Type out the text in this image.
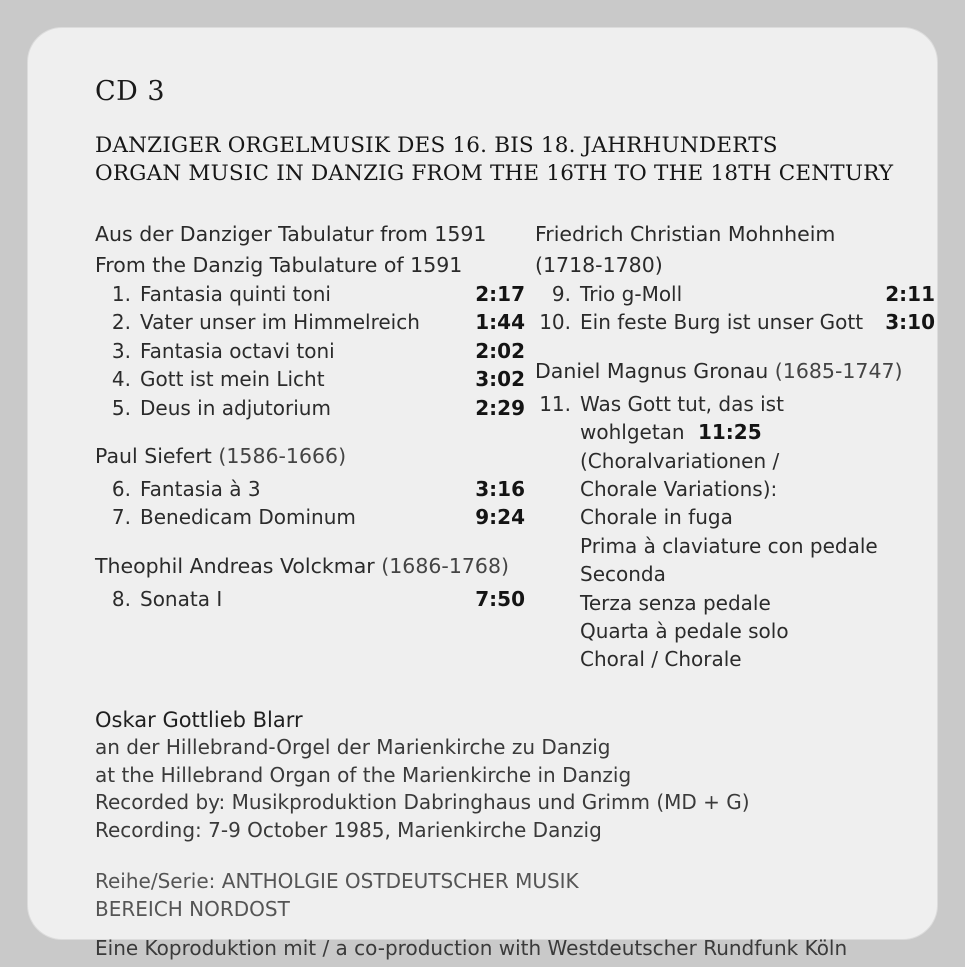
CD 3
DANZIGER ORGELMUSIK DES 16. BIS 18. JAHRHUNDERTS
ORGAN MUSIC IN DANZIG FROM THE 16TH TO THE 18TH CENTURY
Aus der Danziger Tabulatur from 1591
From the Danzig Tabulature of 1591
1. Fantasia quinti toni	2:17
2. Vater unser im Himmelreich	1:44
3. Fantasia octavi toni	2:02
4. Gott ist mein Licht	3:02
5. Deus in adjutorium	2:29
Paul Siefert (1586-1666)
6. Fantasia à 3	3:16
7. Benedicam Dominum	9:24
Theophil Andreas Volckmar (1686-1768)
8. Sonata I	7:50
Friedrich Christian Mohnheim
(1718-1780)
9. Trio g-Moll	2:11
10. Ein feste Burg ist unser Gott	3:10
Daniel Magnus Gronau (1685-1747)
11. Was Gott tut, das ist
wohlgetan 11:25
(Choralvariationen /
Chorale Variations):
Chorale in fuga
Prima à claviature con pedale
Seconda
Terza senza pedale
Quarta à pedale solo
Choral / Chorale
Oskar Gottlieb Blarr
an der Hillebrand-Orgel der Marienkirche zu Danzig
at the Hillebrand Organ of the Marienkirche in Danzig
Recorded by: Musikproduktion Dabringhaus und Grimm (MD + G)
Recording: 7-9 October 1985, Marienkirche Danzig
Reihe/Serie: ANTHOLGIE OSTDEUTSCHER MUSIK
BEREICH NORDOST
Eine Koproduktion mit / a co-production with Westdeutscher Rundfunk Köln
